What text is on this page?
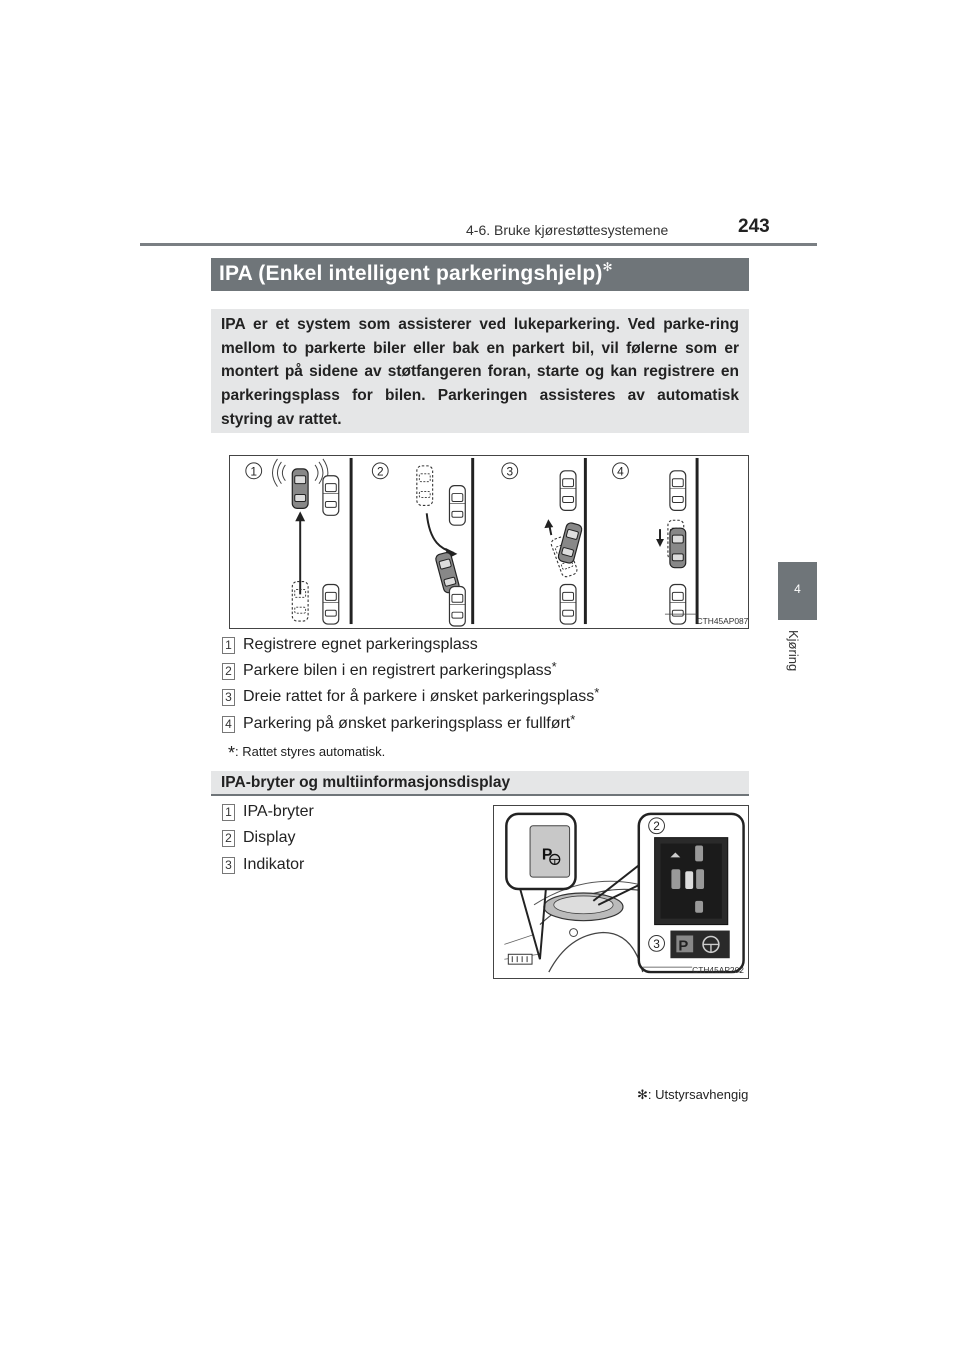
4-6. Bruke kjørestøttesystemene	243
4
Kjøring
IPA (Enkel intelligent parkeringshjelp)✻
IPA er et system som assisterer ved lukeparkering. Ved parke-ring mellom to parkerte biler eller bak en parkert bil, vil følerne som er montert på sidene av støtfangeren foran, starte og kan registrere en parkeringsplass for bilen. Parkeringen assisteres av automatisk styring av rattet.
1	2	3	4
CTH45AP087
1 Registrere egnet parkeringsplass
2 Parkere bilen i en registrert parkeringsplass*
3 Dreie rattet for å parkere i ønsket parkeringsplass*
4 Parkering på ønsket parkeringsplass er fullført*
*: Rattet styres automatisk.
IPA-bryter og multiinformasjonsdisplay
1 IPA-bryter
2 Display
3 Indikator
P
2
3 P
CTH45AP202
✻: Utstyrsavhengig
